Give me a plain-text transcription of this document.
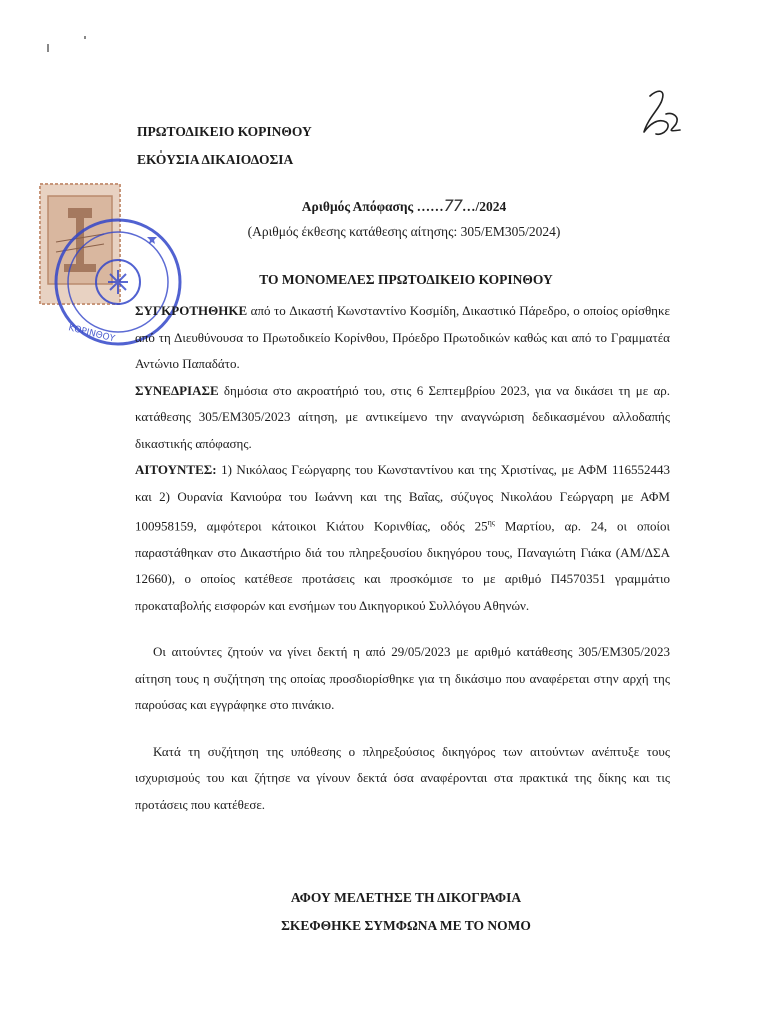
ΠΡΩΤΟΔΙΚΕΙΟ ΚΟΡΙΝΘΟΥ
ΕΚΟΥΣΙΑ ΔΙΚΑΙΟΔΟΣΙΑ
ΚΟΡΙΝΘΟΥ
Αριθμός Απόφασης ……77…/2024
(Αριθμός έκθεσης κατάθεσης αίτησης: 305/ΕΜ305/2024)
ΤΟ ΜΟΝΟΜΕΛΕΣ ΠΡΩΤΟΔΙΚΕΙΟ ΚΟΡΙΝΘΟΥ

ΣΥΓΚΡΟΤΗΘΗΚΕ από τo Δικαστή Κωνσταντίνο Κοσμίδη, Δικαστικό Πάρεδρο, ο οποίος ορίσθηκε από τη Διευθύνουσα το Πρωτοδικείο Κορίνθου, Πρόεδρο Πρωτοδικών καθώς και από το Γραμματέα Αντώνιο Παπαδάτο.

ΣΥΝΕΔΡΙΑΣΕ δημόσια στο ακροατήριό του, στις 6 Σεπτεμβρίου 2023, για να δικάσει τη με αρ. κατάθεσης 305/ΕΜ305/2023 αίτηση, με αντικείμενο την αναγνώριση δεδικασμένου αλλοδαπής δικαστικής απόφασης.

ΑΙΤΟΥΝΤΕΣ: 1) Νικόλαος Γεώργαρης του Κωνσταντίνου και της Χριστίνας, με ΑΦΜ 116552443 και 2) Ουρανία Κανιούρα του Ιωάννη και της Βαΐας, σύζυγος Νικολάου Γεώργαρη με ΑΦΜ 100958159, αμφότεροι κάτοικοι Κιάτου Κορινθίας, οδός $25^{\eta\varsigma}$ Μαρτίου, αρ. 24, οι οποίοι παραστάθηκαν στο Δικαστήριο διά του πληρεξουσίου δικηγόρου τους, Παναγιώτη Γιάκα (ΑΜ/ΔΣΑ 12660), ο οποίος κατέθεσε προτάσεις και προσκόμισε το με αριθμό Π4570351 γραμμάτιο προκαταβολής εισφορών και ενσήμων του Δικηγορικού Συλλόγου Αθηνών.

Οι αιτούντες ζητούν να γίνει δεκτή η από 29/05/2023 με αριθμό κατάθεσης 305/ΕΜ305/2023 αίτηση τους η συζήτηση της οποίας προσδιορίσθηκε για τη δικάσιμο που αναφέρεται στην αρχή της παρούσας και εγγράφηκε στο πινάκιο.

Κατά τη συζήτηση της υπόθεσης ο πληρεξούσιος δικηγόρος των αιτούντων ανέπτυξε τους ισχυρισμούς του και ζήτησε να γίνουν δεκτά όσα αναφέρονται στα πρακτικά της δίκης και τις προτάσεις που κατέθεσε.

ΑΦΟΥ ΜΕΛΕΤΗΣΕ ΤΗ ΔΙΚΟΓΡΑΦΙΑ
ΣΚΕΦΘΗΚΕ ΣΥΜΦΩΝΑ ΜΕ ΤΟ ΝΟΜΟ
